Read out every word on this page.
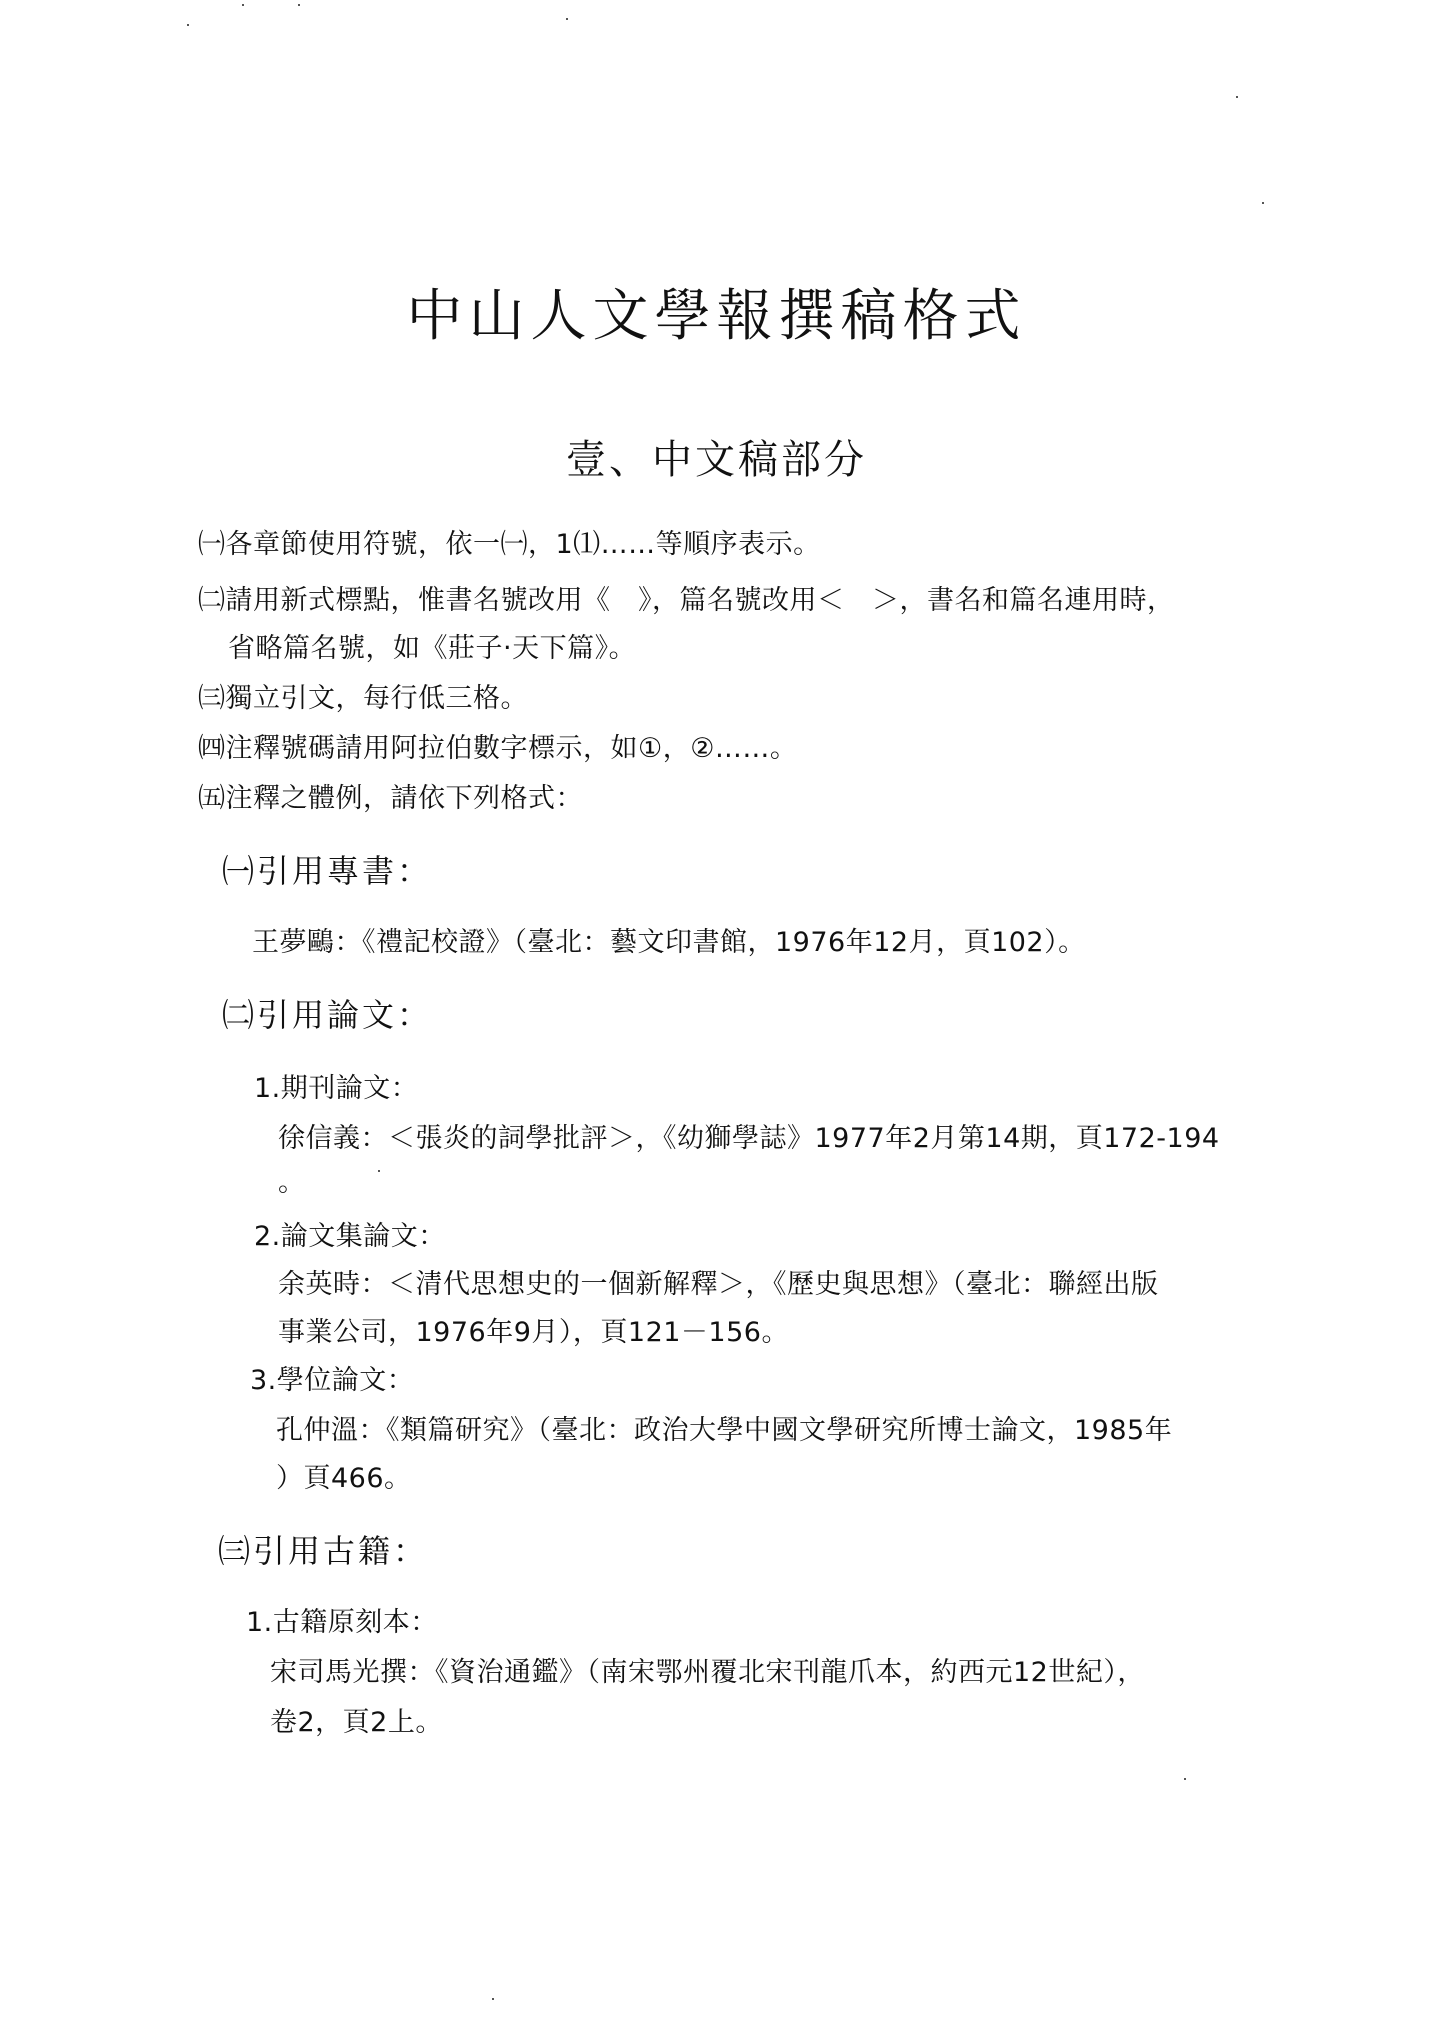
中山人文學報撰稿格式
壹、中文稿部分
㈠各章節使用符號，依一㈠，1⑴……等順序表示。
㈡請用新式標點，惟書名號改用《　》，篇名號改用＜　＞，書名和篇名連用時，
省略篇名號，如《莊子‧天下篇》。
㈢獨立引文，每行低三格。
㈣注釋號碼請用阿拉伯數字標示，如①，②……。
㈤注釋之體例，請依下列格式：
㈠引用專書：
王夢鷗：《禮記校證》（臺北：藝文印書館，1976年12月，頁102）。
㈡引用論文：
1.期刊論文：
徐信義：＜張炎的詞學批評＞，《幼獅學誌》1977年2月第14期，頁172-194
。
2.論文集論文：
余英時：＜清代思想史的一個新解釋＞，《歷史與思想》（臺北：聯經出版
事業公司，1976年9月），頁121－156。
3.學位論文：
孔仲溫：《類篇研究》（臺北：政治大學中國文學研究所博士論文，1985年
）頁466。
㈢引用古籍：
1.古籍原刻本：
宋司馬光撰：《資治通鑑》（南宋鄂州覆北宋刊龍爪本，約西元12世紀），
卷2，頁2上。
